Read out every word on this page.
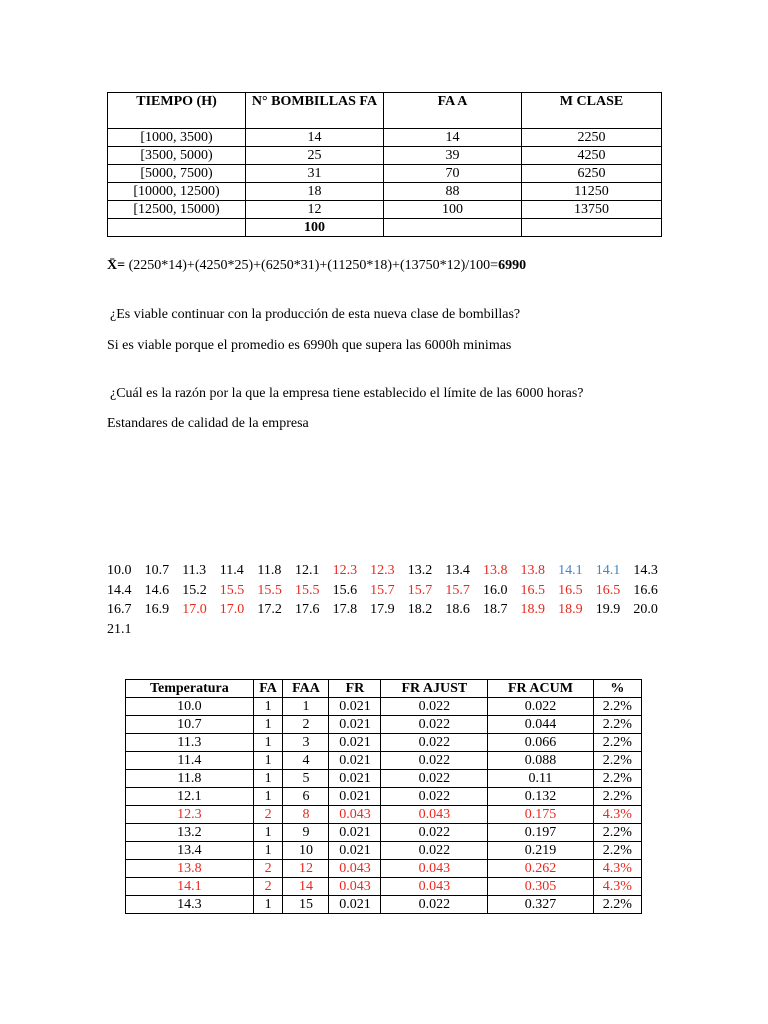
TIEMPO (H)	N° BOMBILLAS FA	FA A	M CLASE
[1000, 3500)	14	14	2250
[3500, 5000)	25	39	4250
[5000, 7500)	31	70	6250
[10000, 12500)	18	88	11250
[12500, 15000)	12	100	13750
	100		
X̄= (2250*14)+(4250*25)+(6250*31)+(11250*18)+(13750*12)/100=6990
¿Es viable continuar con la producción de esta nueva clase de bombillas?
Si es viable porque el promedio es 6990h que supera las 6000h minimas
¿Cuál es la razón por la que la empresa tiene establecido el límite de las 6000 horas?
Estandares de calidad de la empresa
10.0 10.7 11.3 11.4 11.8 12.1 12.3 12.3 13.2 13.4 13.8 13.8 14.1 14.1 14.3
14.4 14.6 15.2 15.5 15.5 15.5 15.6 15.7 15.7 15.7 16.0 16.5 16.5 16.5 16.6
16.7 16.9 17.0 17.0 17.2 17.6 17.8 17.9 18.2 18.6 18.7 18.9 18.9 19.9 20.0
21.1
Temperatura	FA	FAA	FR	FR AJUST	FR ACUM	%
10.0	1	1	0.021	0.022	0.022	2.2%
10.7	1	2	0.021	0.022	0.044	2.2%
11.3	1	3	0.021	0.022	0.066	2.2%
11.4	1	4	0.021	0.022	0.088	2.2%
11.8	1	5	0.021	0.022	0.11	2.2%
12.1	1	6	0.021	0.022	0.132	2.2%
12.3	2	8	0.043	0.043	0.175	4.3%
13.2	1	9	0.021	0.022	0.197	2.2%
13.4	1	10	0.021	0.022	0.219	2.2%
13.8	2	12	0.043	0.043	0.262	4.3%
14.1	2	14	0.043	0.043	0.305	4.3%
14.3	1	15	0.021	0.022	0.327	2.2%
